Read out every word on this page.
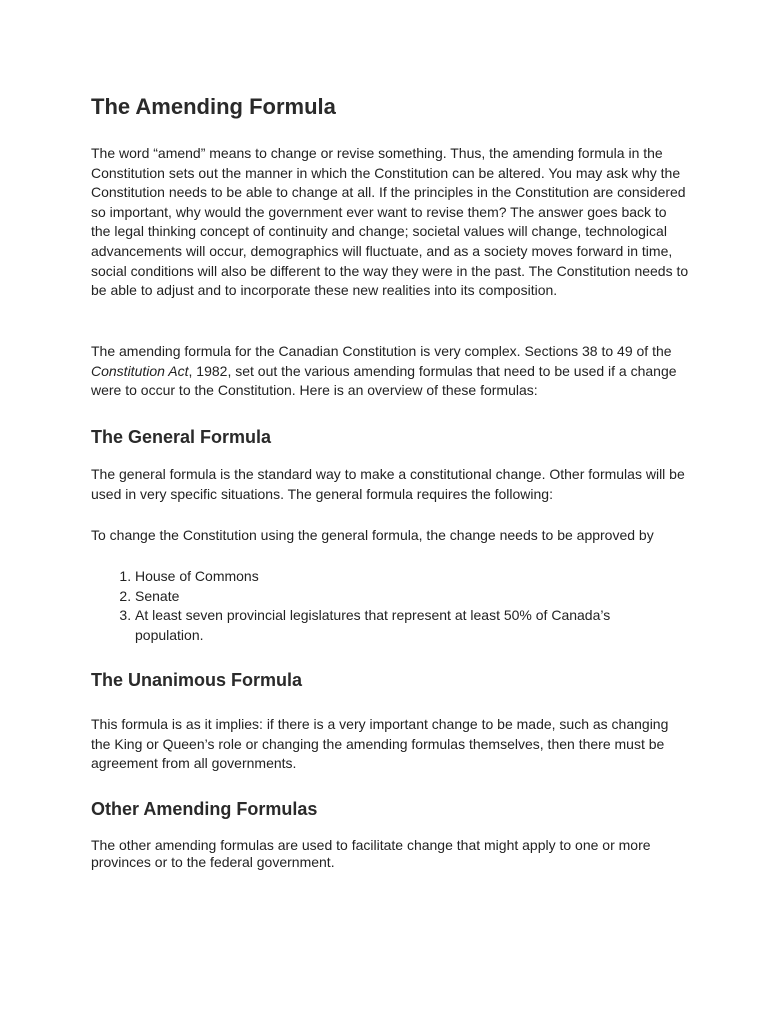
The Amending Formula

The word “amend” means to change or revise something. Thus, the amending formula in the Constitution sets out the manner in which the Constitution can be altered. You may ask why the Constitution needs to be able to change at all. If the principles in the Constitution are considered so important, why would the government ever want to revise them? The answer goes back to the legal thinking concept of continuity and change; societal values will change, technological advancements will occur, demographics will fluctuate, and as a society moves forward in time, social conditions will also be different to the way they were in the past. The Constitution needs to be able to adjust and to incorporate these new realities into its composition.

The amending formula for the Canadian Constitution is very complex. Sections 38 to 49 of the Constitution Act, 1982, set out the various amending formulas that need to be used if a change were to occur to the Constitution. Here is an overview of these formulas:

The General Formula

The general formula is the standard way to make a constitutional change. Other formulas will be used in very specific situations. The general formula requires the following:

To change the Constitution using the general formula, the change needs to be approved by

1. House of Commons
2. Senate
3. At least seven provincial legislatures that represent at least 50% of Canada’s population.
The Unanimous Formula

This formula is as it implies: if there is a very important change to be made, such as changing the King or Queen’s role or changing the amending formulas themselves, then there must be agreement from all governments.

Other Amending Formulas

The other amending formulas are used to facilitate change that might apply to one or more provinces or to the federal government.
